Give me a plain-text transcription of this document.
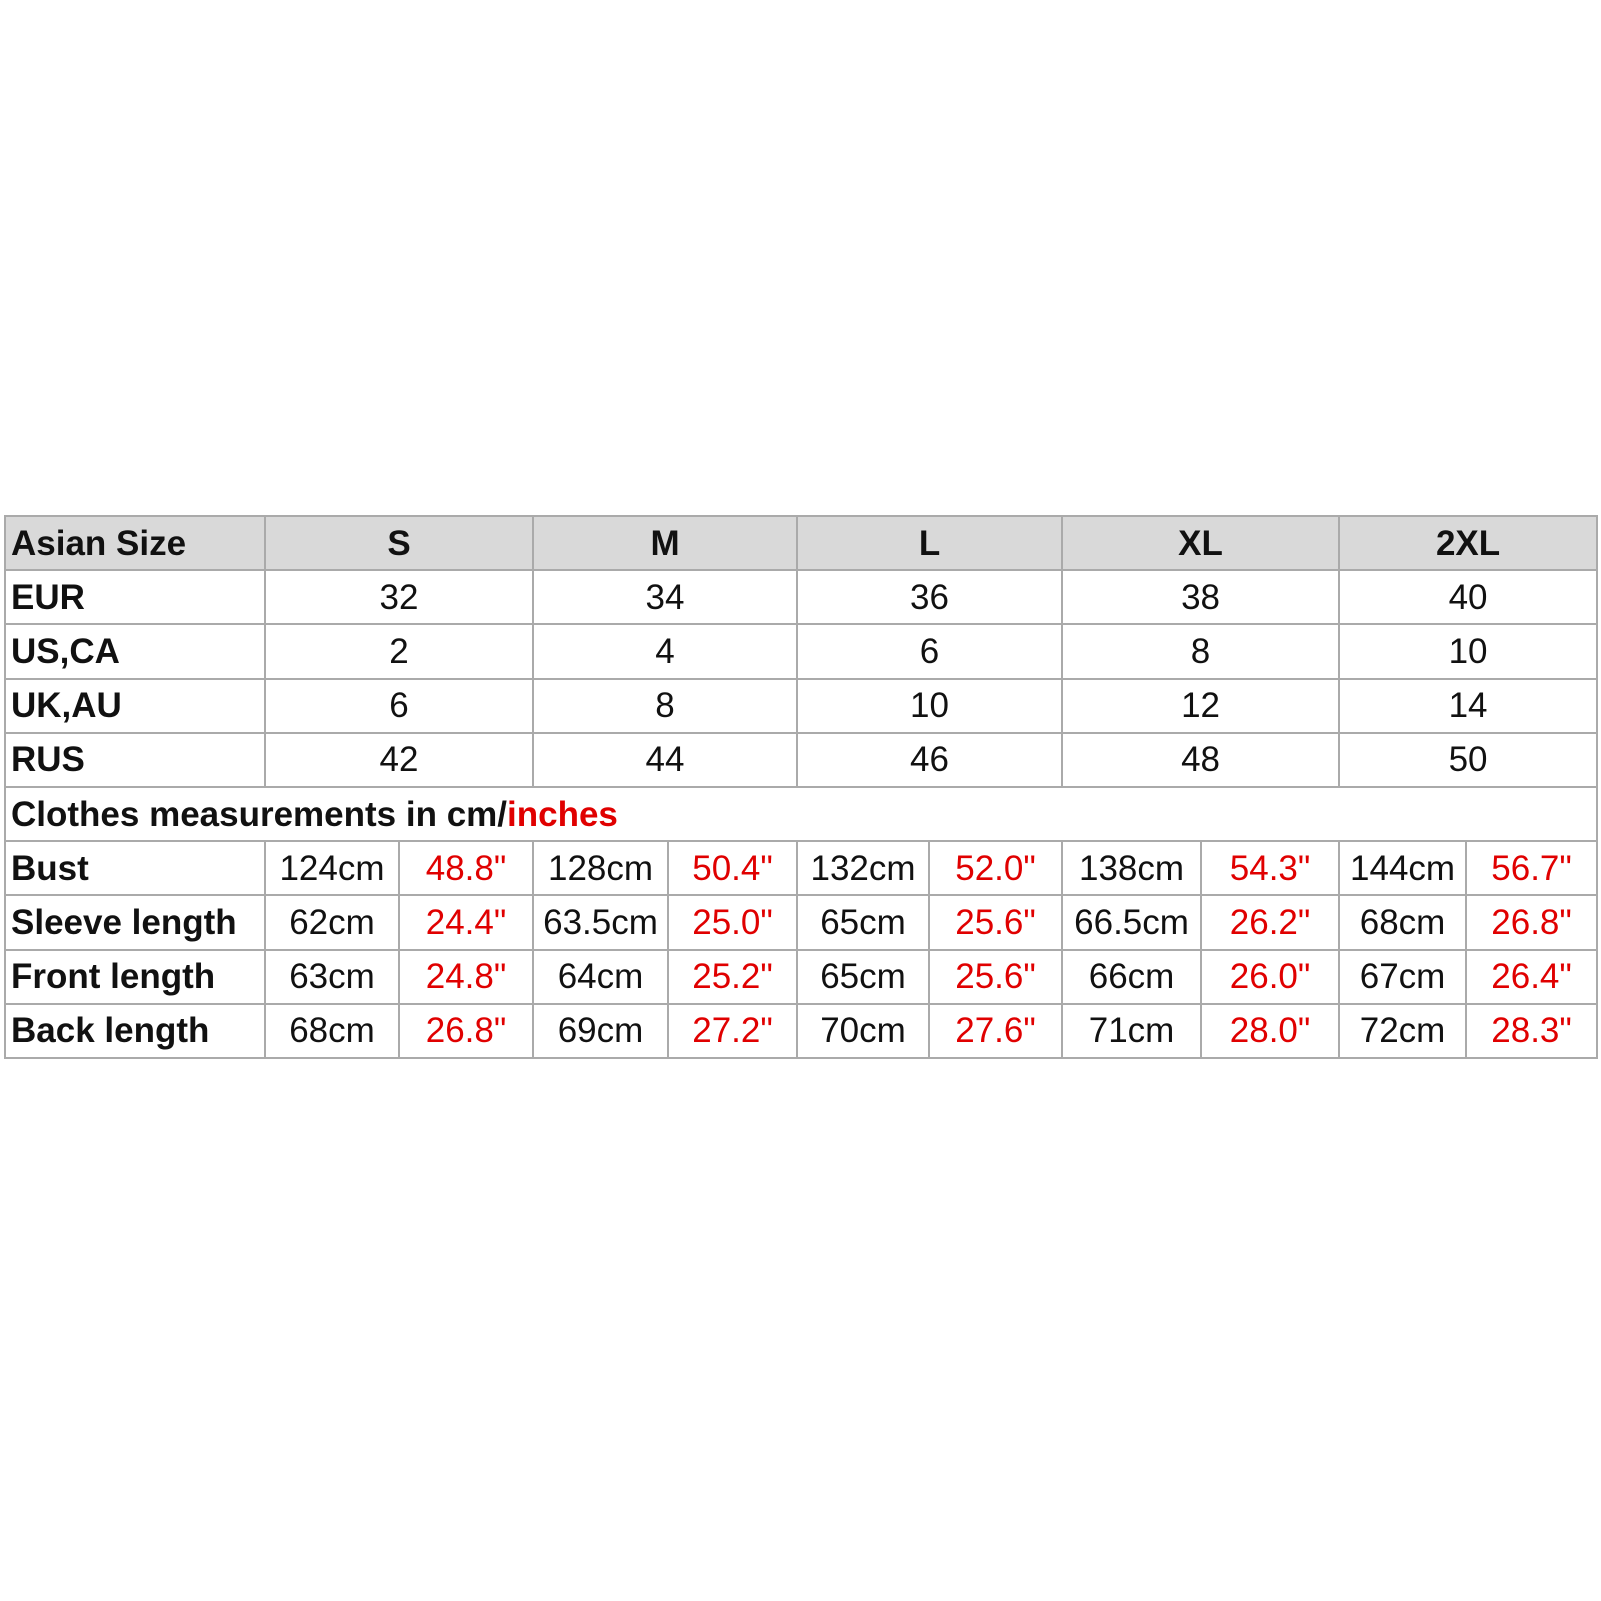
Asian Size	S		M		L		XL		2XL	
EUR	32		34		36		38		40	
US,CA	2		4		6		8		10	
UK,AU	6		8		10		12		14	
RUS	42		44		46		48		50	
Clothes measurements in cm/inches										
Bust	124cm	48.8"	128cm	50.4"	132cm	52.0"	138cm	54.3"	144cm	56.7"
Sleeve length	62cm	24.4"	63.5cm	25.0"	65cm	25.6"	66.5cm	26.2"	68cm	26.8"
Front length	63cm	24.8"	64cm	25.2"	65cm	25.6"	66cm	26.0"	67cm	26.4"
Back length	68cm	26.8"	69cm	27.2"	70cm	27.6"	71cm	28.0"	72cm	28.3"
